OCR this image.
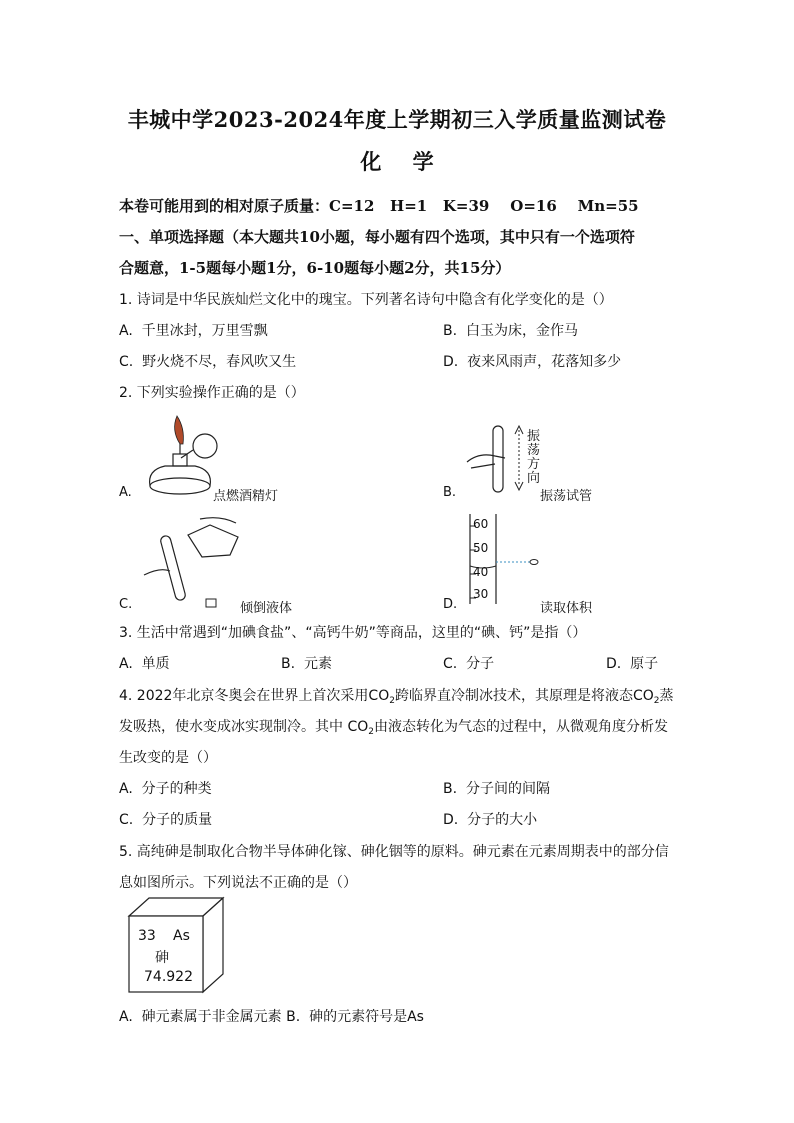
丰城中学2023-2024年度上学期初三入学质量监测试卷
化 学
本卷可能用到的相对原子质量：C=12   H=1   K=39    O=16    Mn=55
一、单项选择题（本大题共10小题，每小题有四个选项，其中只有一个选项符
合题意，1-5题每小题1分，6-10题每小题2分，共15分）
1. 诗词是中华民族灿烂文化中的瑰宝。下列著名诗句中隐含有化学变化的是（）
A.  千里冰封，万里雪飘	B.  白玉为床，金作马
C.  野火烧不尽，春风吹又生	D.  夜来风雨声，花落知多少
2. 下列实验操作正确的是（）
A.	点燃酒精灯
振
荡
方
向
B.	振荡试管
C.	倾倒液体
60
50
40
30
D.	读取体积
3. 生活中常遇到“加碘食盐”、“高钙牛奶”等商品，这里的“碘、钙”是指（）
A.  单质	B.  元素	C.  分子	D.  原子
4. 2022年北京冬奥会在世界上首次采用$CO_2$跨临界直冷制冰技术，其原理是将液态$CO_2$蒸
发吸热，使水变成冰实现制冷。其中 $CO_2$由液态转化为气态的过程中，从微观角度分析发
生改变的是（）
A.  分子的种类	B.  分子间的间隔
C.  分子的质量	D.  分子的大小
5. 高纯砷是制取化合物半导体砷化镓、砷化铟等的原料。砷元素在元素周期表中的部分信
息如图所示。下列说法不正确的是（）
33 As
砷
74.922
A.  砷元素属于非金属元素 B.  砷的元素符号是As
